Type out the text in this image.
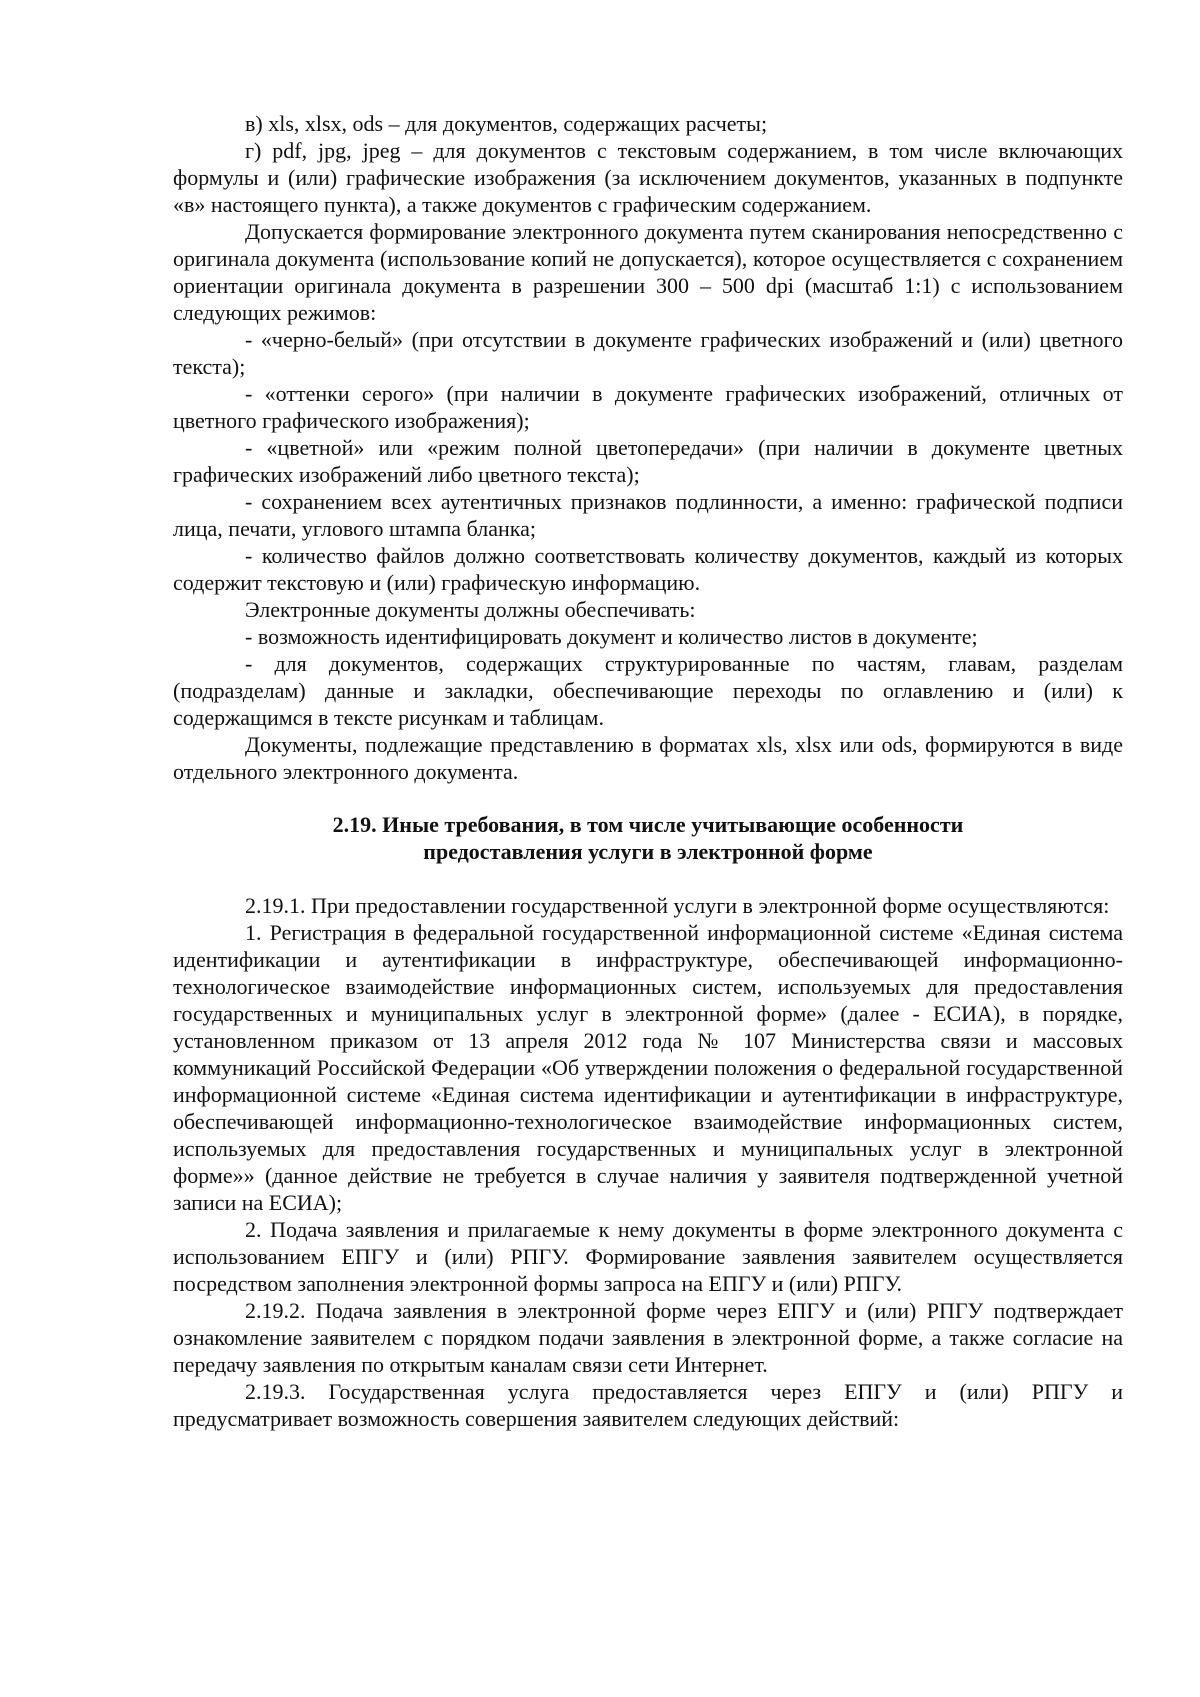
в) xls, xlsx, ods – для документов, содержащих расчеты;

г) pdf, jpg, jpeg – для документов с текстовым содержанием, в том числе включающих формулы и (или) графические изображения (за исключением документов, указанных в подпункте «в» настоящего пункта), а также документов с графическим содержанием.

Допускается формирование электронного документа путем сканирования непосредственно с оригинала документа (использование копий не допускается), которое осуществляется с сохранением ориентации оригинала документа в разрешении 300 – 500 dpi (масштаб 1:1) с использованием следующих режимов:

- «черно-белый» (при отсутствии в документе графических изображений и (или) цветного текста);

- «оттенки серого» (при наличии в документе графических изображений, отличных от цветного графического изображения);

- «цветной» или «режим полной цветопередачи» (при наличии в документе цветных графических изображений либо цветного текста);

- сохранением всех аутентичных признаков подлинности, а именно: графической подписи лица, печати, углового штампа бланка;

- количество файлов должно соответствовать количеству документов, каждый из которых содержит текстовую и (или) графическую информацию.

Электронные документы должны обеспечивать:

- возможность идентифицировать документ и количество листов в документе;

- для документов, содержащих структурированные по частям, главам, разделам (подразделам) данные и закладки, обеспечивающие переходы по оглавлению и (или) к содержащимся в тексте рисункам и таблицам.

Документы, подлежащие представлению в форматах xls, xlsx или ods, формируются в виде отдельного электронного документа.

2.19. Иные требования, в том числе учитывающие особенности
предоставления услуги в электронной форме

2.19.1. При предоставлении государственной услуги в электронной форме осуществляются:

1. Регистрация в федеральной государственной информационной системе «Единая система идентификации и аутентификации в инфраструктуре, обеспечивающей информационно-технологическое взаимодействие информационных систем, используемых для предоставления государственных и муниципальных услуг в электронной форме» (далее - ЕСИА), в порядке, установленном приказом от 13 апреля 2012 года № 107 Министерства связи и массовых коммуникаций Российской Федерации «Об утверждении положения о федеральной государственной информационной системе «Единая система идентификации и аутентификации в инфраструктуре, обеспечивающей информационно-технологическое взаимодействие информационных систем, используемых для предоставления государственных и муниципальных услуг в электронной форме»» (данное действие не требуется в случае наличия у заявителя подтвержденной учетной записи на ЕСИА);

2. Подача заявления и прилагаемые к нему документы в форме электронного документа с использованием ЕПГУ и (или) РПГУ. Формирование заявления заявителем осуществляется посредством заполнения электронной формы запроса на ЕПГУ и (или) РПГУ.

2.19.2. Подача заявления в электронной форме через ЕПГУ и (или) РПГУ подтверждает ознакомление заявителем с порядком подачи заявления в электронной форме, а также согласие на передачу заявления по открытым каналам связи сети Интернет.

2.19.3. Государственная услуга предоставляется через ЕПГУ и (или) РПГУ и предусматривает возможность совершения заявителем следующих действий:
